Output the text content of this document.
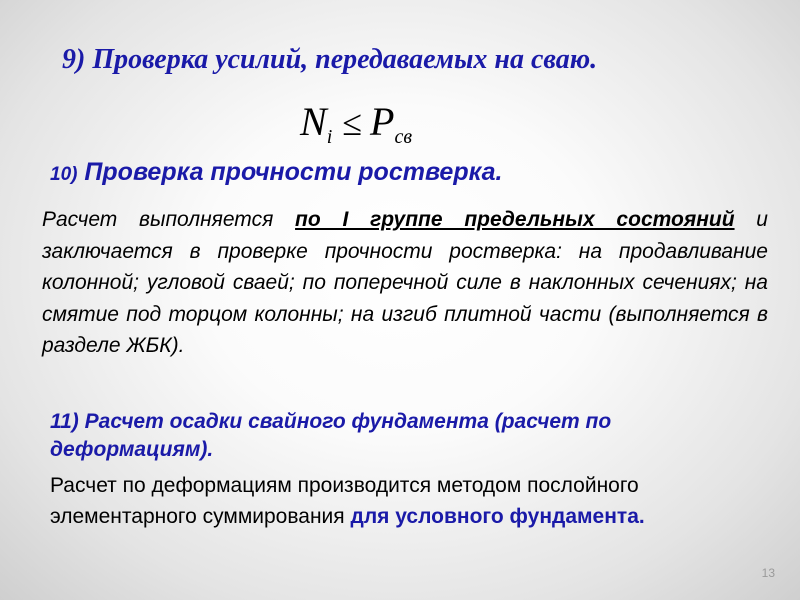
9) Проверка усилий, передаваемых на сваю.
Ni ≤ Pсв
10) Проверка прочности ростверка.
Расчет выполняется по I группе предельных состояний и заключается в проверке прочности ростверка: на продавливание колонной; угловой сваей; по поперечной силе в наклонных сечениях; на смятие под торцом колонны; на изгиб плитной части (выполняется в разделе ЖБК).
11) Расчет осадки свайного фундамента (расчет по деформациям).
Расчет по деформациям производится методом послойного элементарного суммирования для условного фундамента.
13
